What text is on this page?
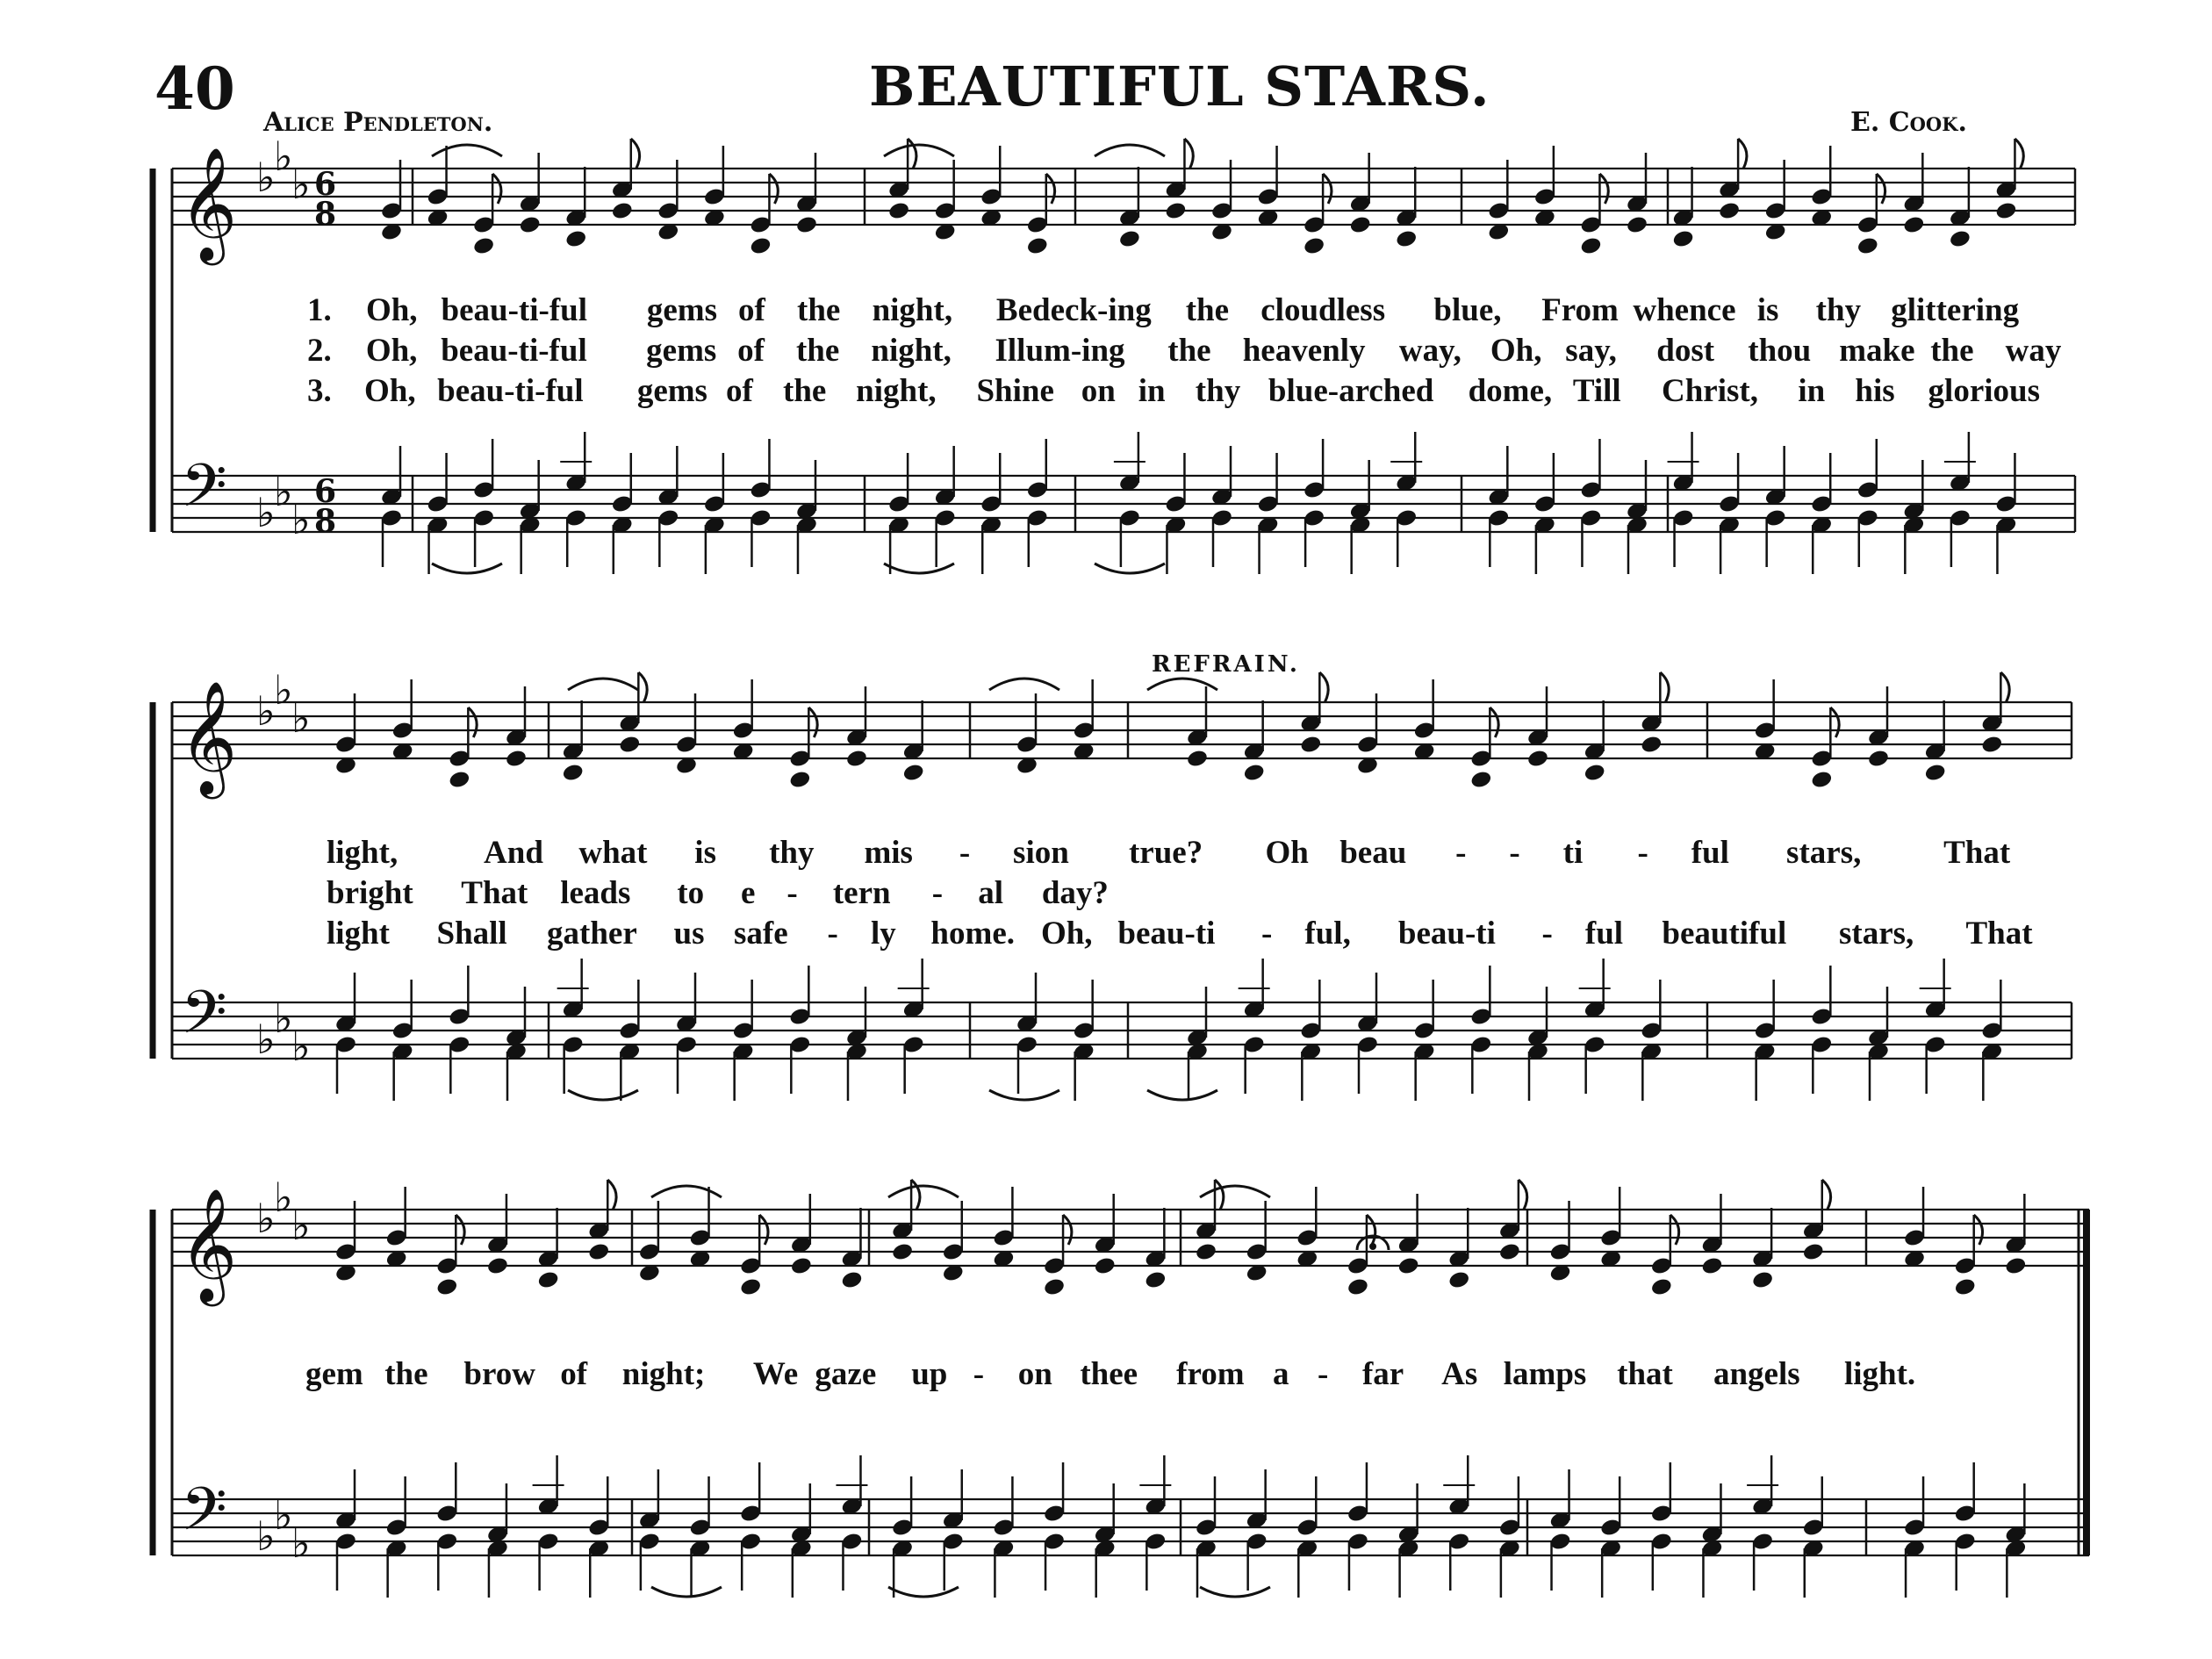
40	BEAUTIFUL STARS.
Alice Pendleton.	E. Cook.
REFRAIN.
1. Oh, beau-ti-ful gems of the night, Bedeck-ing the cloudless blue, From whence is thy glittering
2. Oh, beau-ti-ful gems of the night, Illum-ing the heavenly way, Oh, say, dost thou make the way
3. Oh, beau-ti-ful gems of the night, Shine on in thy blue-arched dome, Till Christ, in his glorious
light,	And what is thy mis - sion true? Oh beau - - ti - ful stars,	That
bright That leads to e - tern - al day?
light Shall gather us safe - ly home. Oh, beau-ti - ful, beau-ti - ful beautiful stars, That
gem the brow of night; We gaze up - on thee from a - far As lamps that angels light.
𝄞
𝄢
♭
♭
♭
♭
♭
♭
6
8
6
8
𝄞
𝄢
♭
♭
♭
♭
♭
♭
𝄞
𝄢
♭
♭
♭
♭
♭
♭
